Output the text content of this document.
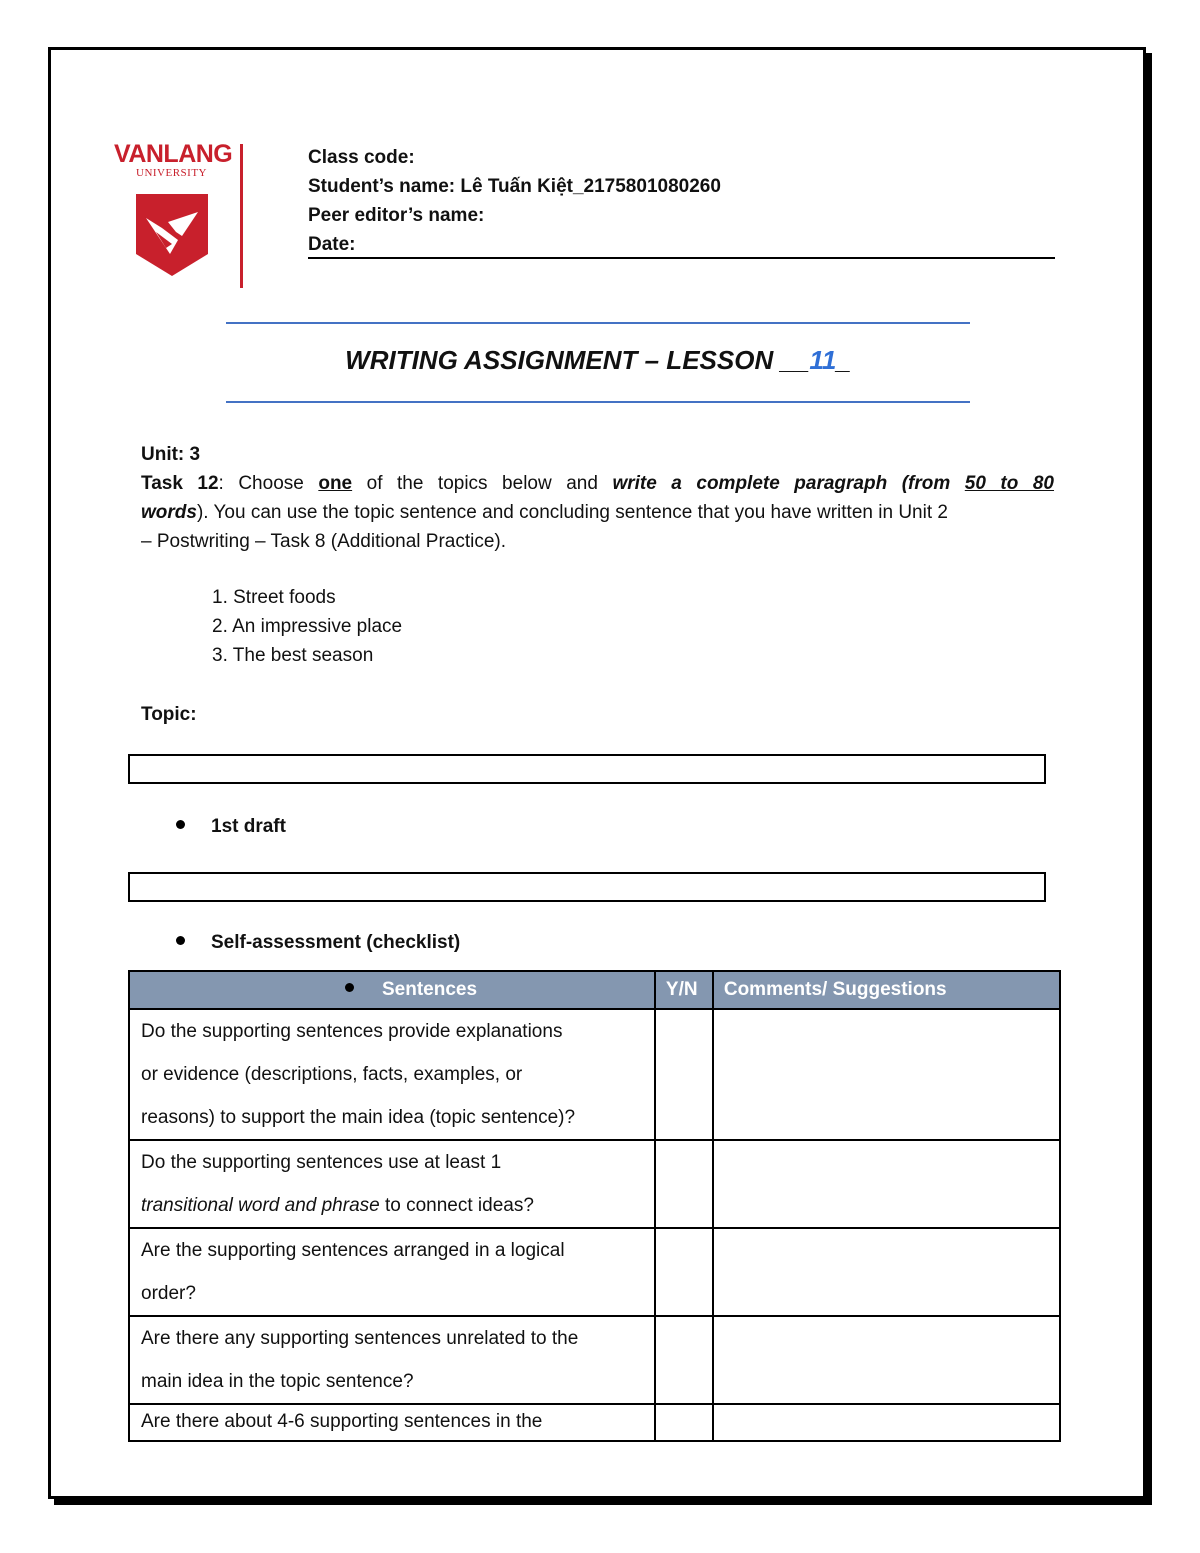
VANLANG
UNIVERSITY
Class code:
Student’s name: Lê Tuấn Kiệt_2175801080260
Peer editor’s name:
Date:
WRITING ASSIGNMENT – LESSON __11_
Unit: 3
Task 12: Choose one of the topics below and write a complete paragraph (from 50 to 80
words). You can use the topic sentence and concluding sentence that you have written in Unit 2
– Postwriting – Task 8 (Additional Practice).
1. Street foods
2. An impressive place
3. The best season
Topic:
1st draft
Self-assessment (checklist)
Sentences	Y/N	Comments/ Suggestions

Do the supporting sentences provide explanations
or evidence (descriptions, facts, examples, or
reasons) to support the main idea (topic sentence)?		

Do the supporting sentences use at least 1
transitional word and phrase to connect ideas?		

Are the supporting sentences arranged in a logical
order?		

Are there any supporting sentences unrelated to the
main idea in the topic sentence?		

Are there about 4-6 supporting sentences in the		
